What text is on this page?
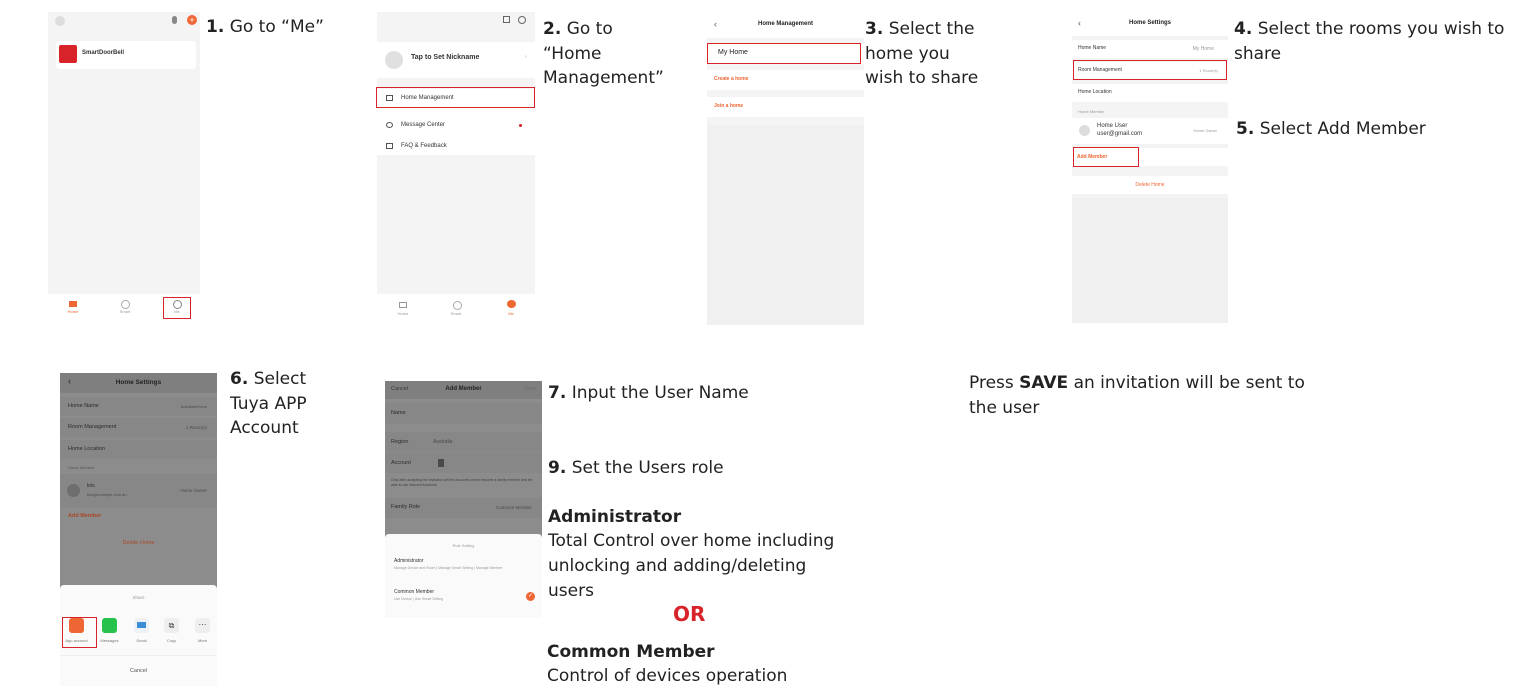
+
SmartDoorBell
Home	Smart	Me
1. Go to “Me”
Tap to Set Nickname	›
Home Management
Message Center
FAQ & Feedback
Home	Smart	Me
2. Go to
“Home
Management”
‹	Home Management
My Home
Create a home
Join a home
3. Select the
home you
wish to share
‹	Home Settings
Home Name	My Home
Room Management	1 Room(s)
Home Location
Home Member
Home User
user@gmail.com
Home Owner
Add Member
Delete Home
4. Select the rooms you wish to
share
5. Select Add Member
‹	Home Settings
Home Name	AdelaideHome
Room Management	1 Room(s)
Home Location
Home Member
kris
kris@example.com.au
Home Owner
Add Member
Delete Home
Share
App account	Messages	Email
⧉
Copy
⋯
More
Cancel
6. Select
Tuya APP
Account
Cancel	Add Member	Save
Name
Region	Australia
Account
Only after accepting the invitation will the accounts owner become a family member and be able to use relevant functions.
Family Role	Common Member
Role Setting
Administrator
Manage Device and Room | Manage Smart Setting | Manage Member
Common Member
Use Device | Use Smart Setting	✓
7. Input the User Name
9. Set the Users role
Administrator
Total Control over home including
unlocking and adding/deleting
users
OR
Common Member
Control of devices operation
Press SAVE an invitation will be sent to
the user
